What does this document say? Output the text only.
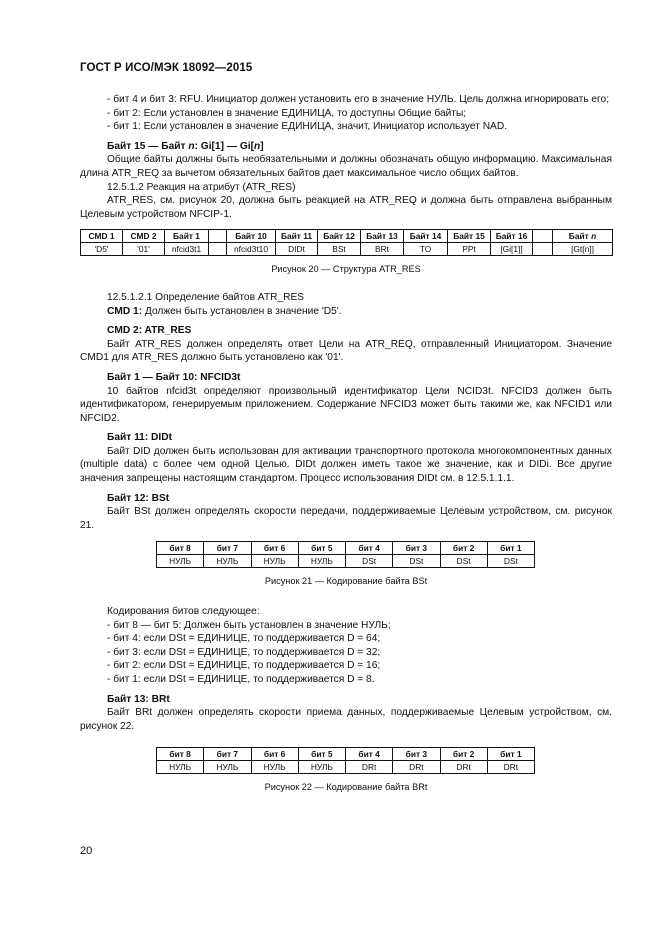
ГОСТ Р ИСО/МЭК 18092—2015

- бит 4 и бит 3: RFU. Инициатор должен установить его в значение НУЛЬ. Цель должна игнорировать его;

- бит 2: Если установлен в значение ЕДИНИЦА, то доступны Общие байты;

- бит 1: Если установлен в значение ЕДИНИЦА, значит, Инициатор использует NAD.

Байт 15 — Байт n: Gi[1] — Gi[n]

Общие байты должны быть необязательными и должны обозначать общую информацию. Максимальная длина ATR_REQ за вычетом обязательных байтов дает максимальное число общих байтов.

12.5.1.2 Реакция на атрибут (ATR_RES)

ATR_RES, см. рисунок 20, должна быть реакцией на ATR_REQ и должна быть отправлена выбранным Целевым устройством NFCIP-1.

CMD 1	CMD 2	Байт 1		Байт 10	Байт 11	Байт 12	Байт 13	Байт 14	Байт 15	Байт 16		Байт n
'D5'	'01'	nfcid3t1		nfcid3t10	DIDt	BSt	BRt	TO	PPt	[Gi[1]]		[Gt[n]]
Рисунок 20 — Структура ATR_RES

12.5.1.2.1 Определение байтов ATR_RES

CMD 1: Должен быть установлен в значение 'D5'.

CMD 2: ATR_RES

Байт ATR_RES должен определять ответ Цели на ATR_REQ, отправленный Инициатором. Значение CMD1 для ATR_RES должно быть установлено как '01'.

Байт 1 — Байт 10: NFCID3t

10 байтов nfcid3t определяют произвольный идентификатор Цели NCID3t. NFCID3 должен быть идентификатором, генерируемым приложением. Содержание NFCID3 может быть такими же, как NFCID1 или NFCID2.

Байт 11: DIDt

Байт DID должен быть использован для активации транспортного протокола многокомпонентных данных (multiple data) с более чем одной Целью. DIDt должен иметь такое же значение, как и DIDi. Все другие значения запрещены настоящим стандартом. Процесс использования DIDt см. в 12.5.1.1.1.

Байт 12: BSt

Байт BSt должен определять скорости передачи, поддерживаемые Целевым устройством, см. рисунок 21.

бит 8	бит 7	бит 6	бит 5	бит 4	бит 3	бит 2	бит 1
НУЛЬ	НУЛЬ	НУЛЬ	НУЛЬ	DSt	DSt	DSt	DSt
Рисунок 21 — Кодирование байта BSt

Кодирования битов следующее:

- бит 8 — бит 5: Должен быть установлен в значение НУЛЬ;

- бит 4: если DSt = ЕДИНИЦЕ, то поддерживается D = 64;

- бит 3: если DSt = ЕДИНИЦЕ, то поддерживается D = 32;

- бит 2: если DSt = ЕДИНИЦЕ, то поддерживается D = 16;

- бит 1: если DSt = ЕДИНИЦЕ, то поддерживается D = 8.

Байт 13: BRt

Байт BRt должен определять скорости приема данных, поддерживаемые Целевым устройством, см. рисунок 22.

бит 8	бит 7	бит 6	бит 5	бит 4	бит 3	бит 2	бит 1
НУЛЬ	НУЛЬ	НУЛЬ	НУЛЬ	DRt	DRt	DRt	DRt
Рисунок 22 — Кодирование байта BRt
20
